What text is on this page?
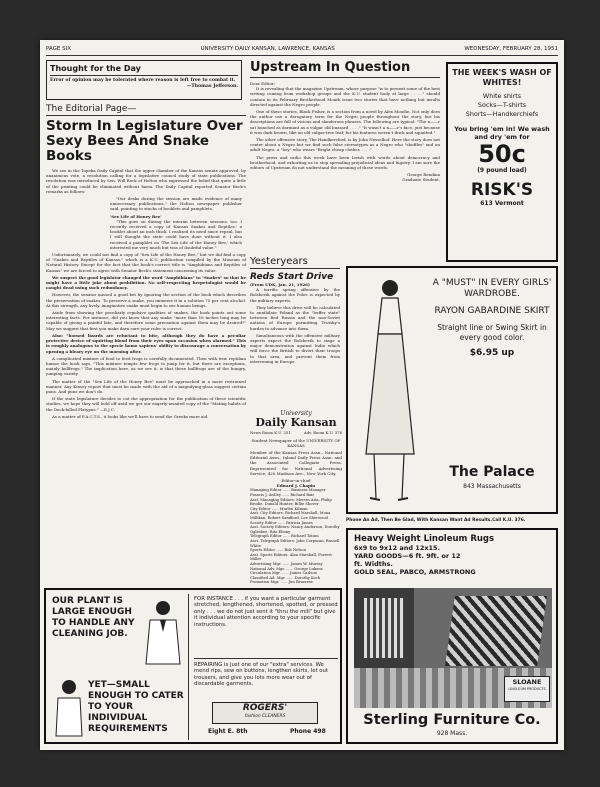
PAGE SIX	UNIVERSITY DAILY KANSAN, LAWRENCE, KANSAS	WEDNESDAY, FEBRUARY 28, 1951
Thought for the Day
Error of opinion may be tolerated where reason is left free to combat it.
—Thomas Jefferson.
The Editorial Page—
Storm In Legislature Over Sexy Bees And Snake Books

We see in the Topeka Daily Capital that the upper chamber of the Kansas senate approved, by unanimous vote, a resolution calling for a legislative council study of state publications. The resolution was introduced by Sen. Will Beck of Holton who expressed the belief that quite a little of the printing could be eliminated without harm. The Daily Capital reported Senator Beck's remarks as follows:

"Our desks during the session are made evidence of many unnecessary publications," the Holton newspaper publisher said, pointing to stacks of booklets and pamphlets.

'Sex Life of Honey Bee'

"This goes on during the interim between sessions, too. I recently received a copy of 'Kansas Snakes and Reptiles,' a booklet about an inch thick. I realized its need since repeal, but I still thought the state could have done without it. I also received a pamphlet on 'The Sex Life of the Honey Bee,' which interested me very much but was of doubtful value."

Unfortunately, we could not find a copy of "Sex Life of the Honey Bee," but we did find a copy of "Snakes and Reptiles of Kansas," which is a K.U. publication compiled by the Museum of Natural History. Except for the fact that the book's correct title is "Amphibians and Reptiles of Kansas" we are forced to agree with Senator Beck's statement concerning its value.

We suspect the good legislator changed the word "Amphibians" to "Snakes" so that he might have a little joke about prohibition. No self-respecting herpetologist would be caught dead using such redundancy.

However, the senator missed a good bet by ignoring the section of the book which describes the preservation of snakes. To preserve a snake, you immerse it in a solution 75 per cent alcohol. At this strength, any lively, imaginative snake must begin to see human beings.

Aside from showing the peculiarly repulsive qualities of snakes, the book points out some interesting facts. For instance, did you know that any snake "more than 16 inches long may be capable of giving a painful bite, and therefore some precaution against them may be desired?" May we suggest that first you make darn sure your ruler is correct.

Also: "horned lizards are reluctant to bite, although they do have a peculiar protective device of squirting blood from their eyes upon occasion when alarmed." This is roughly analogous to the specie homo sapiens' ability to discourage a conversation by opening a bleary eye on the morning after.

A complicated mixture of food to feed frogs is carefully documented. Then with true reptilian humor the book says, "This mixture tempts few frogs to jump for it, but there are exceptions, mainly bullfrogs." The implication here, as we see it, is that these bullfrogs are of the hungry, jumping variety.

The matter of the "Sex Life of the Honey Bee" must be approached in a more restrained manner. Any Kinsey report that must be made with the aid of a magnifying-glass suggest certain puns. And puns we don't do.

If the state legislature decides to cut the appropriation for the publication of these scientific studies, we hope they will hold off until we get our eagerly-awaited copy of the "Mating habits of the Duck-billed Platypus." —E.J.C.

As a matter of F.A.C.T.S., it looks like we'll have to send the Greeks more aid.

Upstream In Question
Dear Editor:

It is revealing that the magazine Upstream, whose purpose "is to present some of the best writing coming from workshop groups and the K.U. student body at large . . . ." should contain in its February Brotherhood Month issue two stories that have nothing but insults directed against the Negro people.

One of these stories, Black Fisher, is a section from a novel by Alex Moodie. Not only does the author use a derogatory term for the Negro people throughout the story, but his descriptions are full of vicious and slanderous phrases. The following are typical: "The n——r sat hunched as dormant as a vulgar old buzzard . . . ." "It wasn't a n——r's face, just because it was dark brown, like an old calgas-tree leaf; for his features weren't thick and squatted."

The other offensive story, The Handkerchief, is by John Nesselhof. Here the story does not center about a Negro but we find such false stereotypes as a Negro who "shuffles" and an adult Negro, a "boy" who wears "Bright cheap clothes . . . ."

The press and radio this week have been lavish with words about democracy and brotherhood, and exhorting us to stop spreading prejudicial ideas and bigotry. I am sure the editors of Upstream do not understand the meaning of these words.

George Rendina
Graduate Student.
THE WEEK'S WASH OF WHITES!
White shirts
Socks—T-shirts
Shorts—Handkerchiefs
You bring 'em in! We wash and dry 'em for
50c
(9 pound load)
RISK'S
613 Vermont
Yesteryears
Reds Start Drive
(From UDK, Jan. 21, 1926)

A terrific spring offensive by the Bolshevik against the Poles is expected by the military experts.

They believe this drive will be calculated to annihilate Poland as the "buffer state" between Red Russia and the non-Soviet nations of Europe permitting Trotsky's hordes to advance into them.

Simultaneous with the offensive military experts expect the Bolshevik to stage a major demonstration against India which will force the British to divert their troops to that area, and prevent them from intervening in Europe.

University
Daily Kansan
News Room K.U. 251	Adv. Room K.U. 376
Student Newspaper of the UNIVERSITY OF KANSAS
Member of the Kansas Press Assn., National Editorial Assn., Inland Daily Press Assn. and the Associated Collegiate Press. Represented for National Advertising Service, 420 Madison Ave., New York City.
Editor-in-chief
Edward J. Chapin
Managing Editor ...... Business Manager
Francis J. Ardley ...... Richard Bair
Asst. Managing Editors: Mervin Aria, Philip Brodie, Donald Hunter, Billie Shover
City Editor ...... Marlen Kilman
Asst. City Editors: Richard Marshall, Mona Millikan, Robert Sandford, Lee Sherwood
Society Editor ...... Patricia James
Asst. Society Editors: Nancy Anderson, Dorothy Oglesbee, Rita Ebony
Telegraph Editor ...... Richard Tatum
Asst. Telegraph Editors: John Corporan, Russell White
Sports Editor ...... Bob Nelson
Asst. Sports Editors: Alan Marshall, Forrest Miller
Advertising Mgr. ...... James W. Murray
National Adv. Mgr. ...... George Lukens
Circulation Mgr. ...... James Carlson
Classified Ad. Mgr. ...... Dorothy Koch
Promotion Mgr. ...... Jim Bruzzese
A "MUST" IN EVERY GIRLS' WARDROBE.
RAYON GABARDINE SKIRT
Straight line or Swing Skirt in every good color.
$6.95 up
The Palace
843 Massachusetts
Phone An Ad, Then Be Glad, With Kansan Want Ad Results.Call K.U. 376.
Heavy Weight Linoleum Rugs
6x9 to 9x12 and 12x15.
YARD GOODS—6 ft. 9ft. or 12 ft. Widths.
GOLD SEAL, PABCO, ARMSTRONG
SLOANE
LINOLEUM PRODUCTS
Sterling Furniture Co.
928 Mass.
OUR PLANT IS LARGE ENOUGH TO HANDLE ANY CLEANING JOB.
YET—SMALL ENOUGH TO CATER TO YOUR INDIVIDUAL REQUIREMENTS
FOR INSTANCE . . . if you want a particular garment stretched, lengthened, shortened, spotted, or pressed only . . . we do not just sent it "thru the mill" but give it individual attention according to your specific instructions.
REPAIRING is just one of our "extra" services. We mend rips, sew on buttons, lengthen skirts, let out trousers, and give you lots more wear out of discardable garments.
ROGERS'
fashion CLEANERS
Eight E. 8th	Phone 498
